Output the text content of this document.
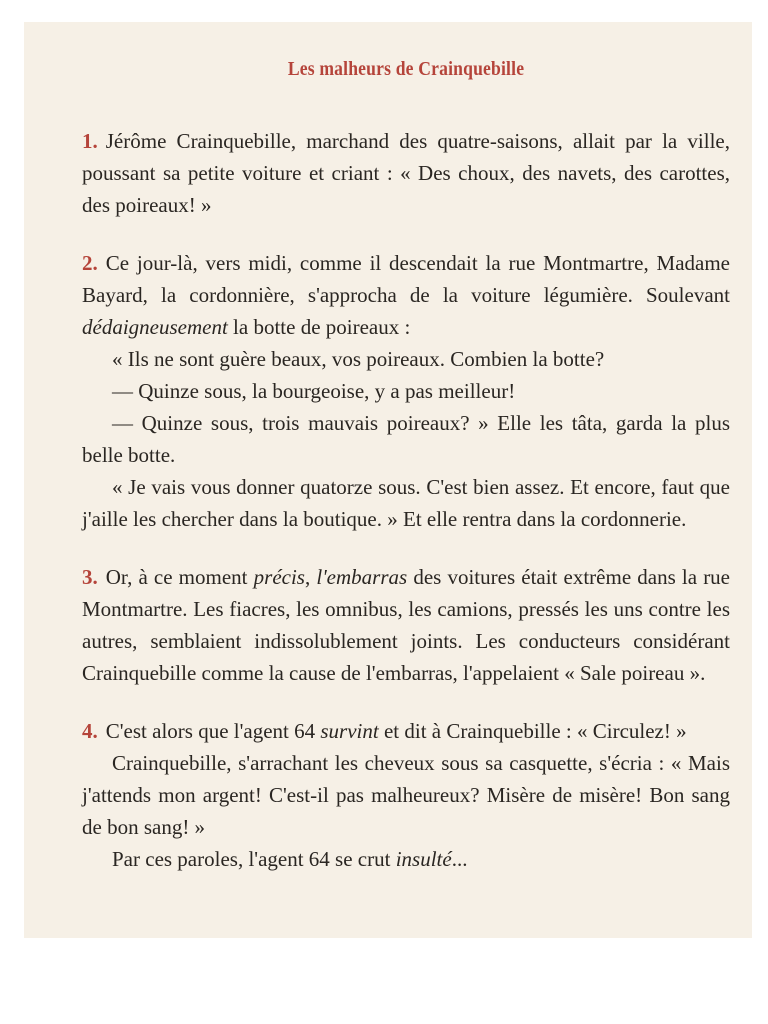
Les malheurs de Crainquebille

1. Jérôme Crainquebille, marchand des quatre-saisons, allait par la ville, poussant sa petite voiture et criant : « Des choux, des navets, des carottes, des poireaux! »

2. Ce jour-là, vers midi, comme il descendait la rue Montmartre, Madame Bayard, la cordonnière, s'approcha de la voiture légumière. Soulevant dédaigneusement la botte de poireaux :

« Ils ne sont guère beaux, vos poireaux. Combien la botte?

— Quinze sous, la bourgeoise, y a pas meilleur!

— Quinze sous, trois mauvais poireaux? » Elle les tâta, garda la plus belle botte.

« Je vais vous donner quatorze sous. C'est bien assez. Et encore, faut que j'aille les chercher dans la boutique. » Et elle rentra dans la cordonnerie.

3. Or, à ce moment précis, l'embarras des voitures était extrême dans la rue Montmartre. Les fiacres, les omnibus, les camions, pressés les uns contre les autres, semblaient indissolublement joints. Les conducteurs considérant Crainquebille comme la cause de l'embarras, l'appelaient « Sale poireau ».

4. C'est alors que l'agent 64 survint et dit à Crainquebille : « Circulez! »

Crainquebille, s'arrachant les cheveux sous sa casquette, s'écria : « Mais j'attends mon argent! C'est-il pas malheureux? Misère de misère! Bon sang de bon sang! »

Par ces paroles, l'agent 64 se crut insulté...
